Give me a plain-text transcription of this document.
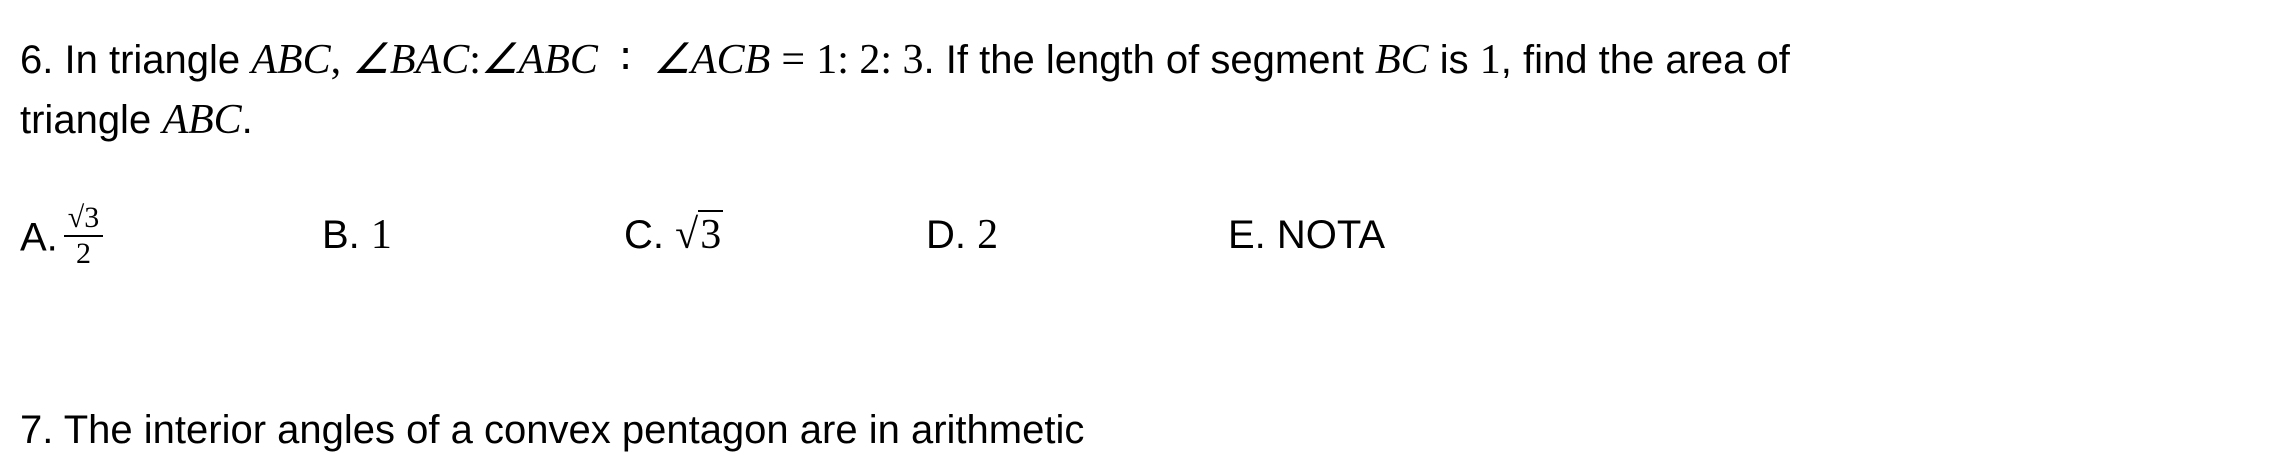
6. In triangle ABC, ∠BAC:∠ABC ∶ ∠ACB = 1: 2: 3. If the length of segment BC is 1, find the area of
triangle ABC.
A. $\frac{√3}{2}$	B. 1	C. √3	D. 2	E. NOTA
7. The interior angles of a convex pentagon are in arithmetic
